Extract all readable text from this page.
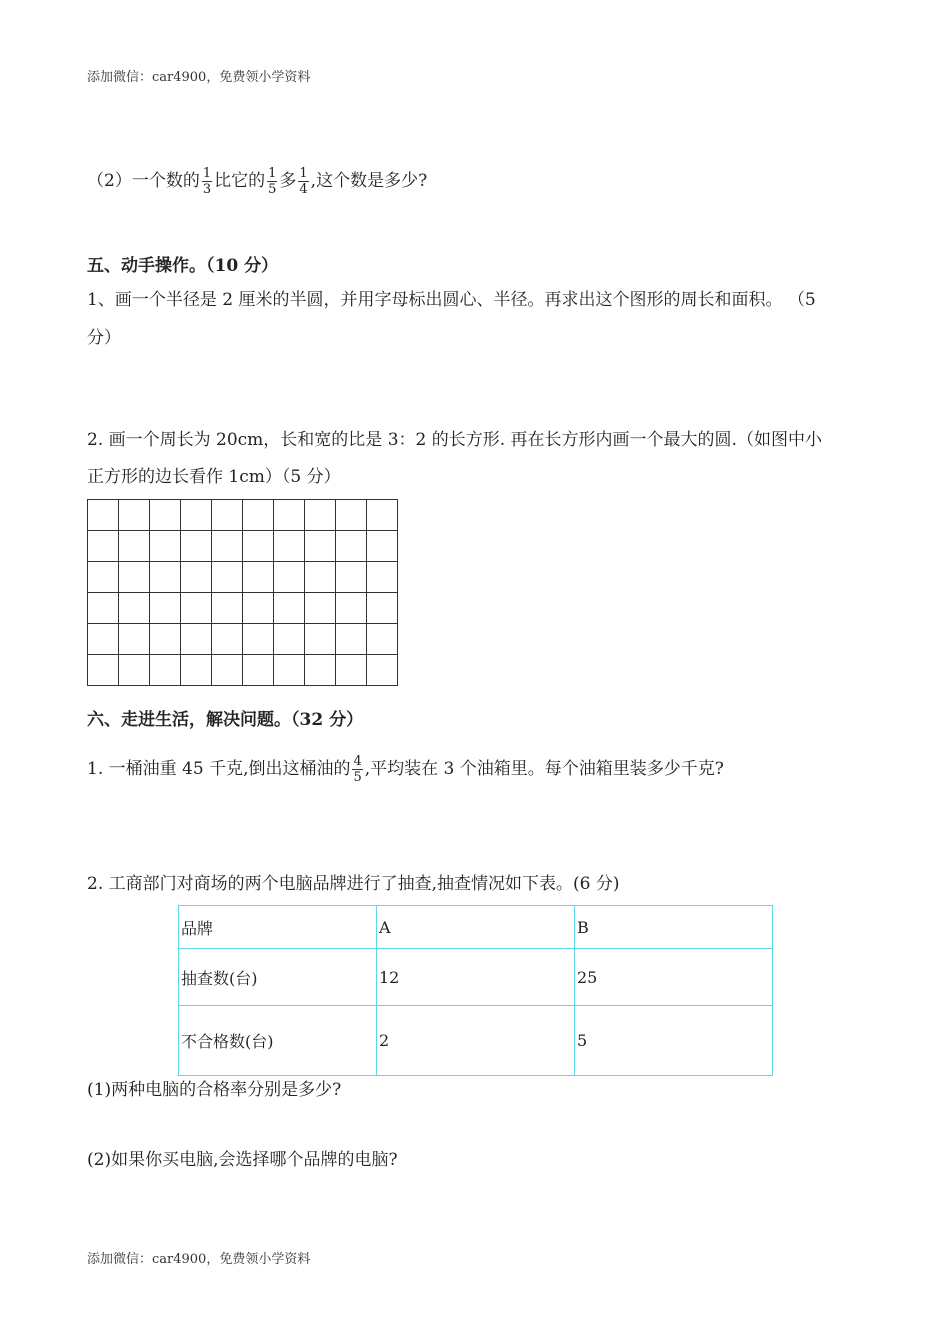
添加微信：car4900，免费领小学资料
（2）一个数的 $\frac{1}{3}$ 比它的 $\frac{1}{5}$ 多 $\frac{1}{4}$ ,这个数是多少?
五、动手操作。（10 分）
1、画一个半径是 2 厘米的半圆，并用字母标出圆心、半径。再求出这个图形的周长和面积。 （5
分）
2. 画一个周长为 20cm，长和宽的比是 3：2 的长方形. 再在长方形内画一个最大的圆.（如图中小
正方形的边长看作 1cm）（5 分）

六、走进生活，解决问题。（32 分）
1. 一桶油重 45 千克,倒出这桶油的 $\frac{4}{5}$ ,平均装在 3 个油箱里。每个油箱里装多少千克?
2. 工商部门对商场的两个电脑品牌进行了抽查,抽查情况如下表。(6 分)
品牌	A	B
抽查数(台)	12	25
不合格数(台)	2	5
(1)两种电脑的合格率分别是多少?
(2)如果你买电脑,会选择哪个品牌的电脑?
添加微信：car4900，免费领小学资料
